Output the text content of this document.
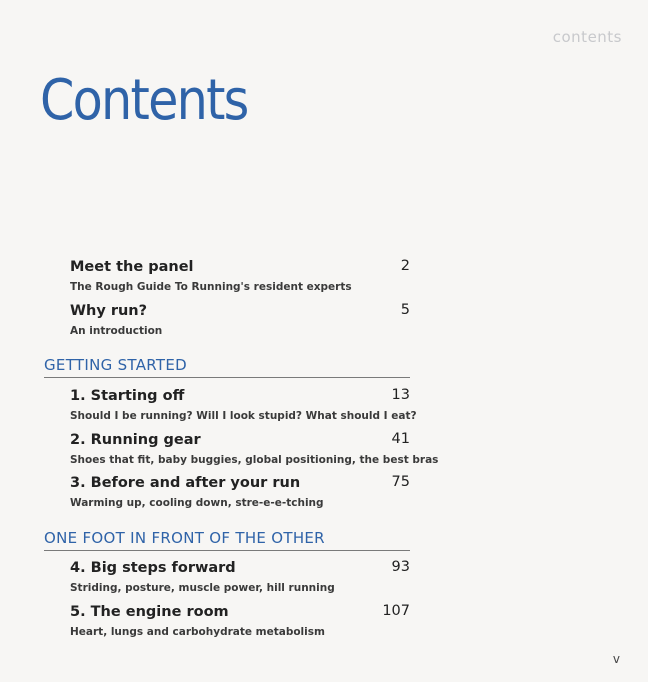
contents
Contents
Meet the panel
The Rough Guide To Running's resident experts
2
Why run?
An introduction
5
GETTING STARTED
1. Starting off
Should I be running? Will I look stupid? What should I eat?
13
2. Running gear
Shoes that fit, baby buggies, global positioning, the best bras
41
3. Before and after your run
Warming up, cooling down, stre-e-e-tching
75
ONE FOOT IN FRONT OF THE OTHER
4. Big steps forward
Striding, posture, muscle power, hill running
93
5. The engine room
Heart, lungs and carbohydrate metabolism
107
v
